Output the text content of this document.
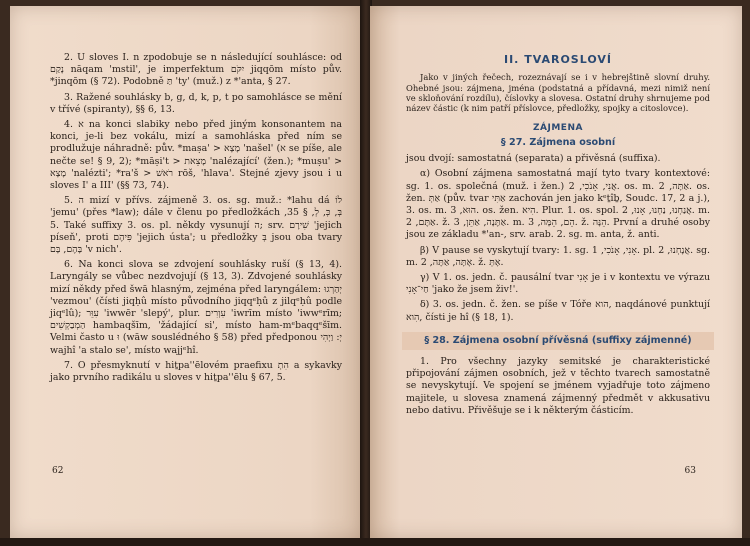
2. U sloves I. n zpodobuje se n následující souhlásce: od נָקַם nāqam 'mstil', je imperfektum יִקֹּם jiqqōm místo pův. *jinqōm (§ 72). Podobně תַּ 'ty' (muž.) z *'anta, § 27.

3. Ražené souhlásky b, g, d, k, p, t po samohlásce se mění v třívé (spiranty), §§ 6, 13.

4. א na konci slabiky nebo před jiným konsonantem na konci, je-li bez vokálu, mizí a samohláska před ním se prodlužuje náhradně: pův. *maṣa' > מָצָא 'našel' (א se píše, ale nečte se! § 9, 2); *māṣi't > מָצֵאת 'nalézající' (žen.); *muṣu' > מָצָא 'nalézti'; *ra'š > רֹאשׁ rōš, 'hlava'. Stejné zjevy jsou i u sloves I' a III' (§§ 73, 74).

5. ה mizí v přívs. zájmeně 3. os. sg. muž.: *lahu dá לוֹ 'jemu' (přes *law); dále v členu po předložkách בְּ, כְּ, לְ, § 35, 5. Také suffixy 3. os. pl. někdy vysunují ה; srv. שִׁירָם 'jejich píseň', proti פִּיהֶם 'jejich ústa'; u předložky בְּ jsou oba tvary בָּהֶם, בָּם 'v nich'.

6. Na konci slova se zdvojení souhlásky ruší (§ 13, 4). Laryngály se vůbec nezdvojují (§ 13, 3). Zdvojené souhlásky mizí někdy před šwā hlasným, zejména před laryngálem: יְהַרְגוּ 'vezmou' (čísti jiqḥû místo původního jiqqᵉḥû z jilqᵉḥû podle jiqᵉlû); עִוֵּר 'iwwēr 'slepý', plur. עִוְרִים 'iwrīm místo 'iwwᵉrīm; הַמְבַקְשִׁים hambaqšīm, 'žádající si', místo ham-mᵉbaqqᵉšīm. Velmi často u וּ (wāw souslédného § 58) před předponou יְ: וַיְהִי wajhî 'a stalo se', místo wajjᵉhî.

7. O přesmyknutí v hiṯpa''ēlovém praefixu הִתְ a sykavky jako prvního radikálu u sloves v hiṯpa''ēlu § 67, 5.

62
II. TVAROSLOVÍ

Jako v jiných řečech, rozeznávají se i v hebrejštině slovní druhy. Ohebné jsou: zájmena, jména (podstatná a přídavná, mezi nimiž není ve skloňování rozdílu), číslovky a slovesa. Ostatní druhy shrnujeme pod název částic (k nim patří příslovce, předložky, spojky a citoslovce).

ZÁJMENA
§ 27. Zájmena osobní

jsou dvojí: samostatná (separata) a přivěsná (suffixa).

α) Osobní zájmena samostatná mají tyto tvary kontextové: sg. 1. os. společná (muž. i žen.) אֲנִי, אָנֹכִי, 2. os. m. אַתָּה, 2. os. žen. אַתְּ (pův. tvar אַתִּי zachován jen jako kᵉṯîḇ, Soudc. 17, 2 a j.), 3. os. m. הוּא, 3. os. žen. הִיא. Plur. 1. os. spol. אֲנַחְנוּ, נַחְנוּ, אָנוּ, 2. m. אַתֶּם, 2. ž. אַתֶּנָה, אַתֵּן, 3. m. הֵם, הֵמָּה, 3. ž. הֵנָּה. První a druhé osoby jsou ze základu *'an-, srv. arab. 2. sg. m. anta, ž. anti.

β) V pause se vyskytují tvary: 1. sg. אָנִי, אָנֹכִי, 1. pl. אֲנָחְנוּ, 2. sg. m. אָתָּה, אַתָּה, 2. ž. אָתְּ.

γ) V 1. os. jedn. č. pausální tvar אָנִי je i v kontextu ve výrazu חַי־אָנִי 'jako že jsem živ!'.

δ) 3. os. jedn. č. žen. se píše v Tóře הוא, naqdánové punktují הִוא, čísti je hî (§ 18, 1).

§ 28. Zájmena osobní přívěsná (suffixy zájmenné)

1. Pro všechny jazyky semitské je charakteristické připojování zájmen osobních, jež v těchto tvarech samostatně se nevyskytují. Ve spojení se jménem vyjadřuje toto zájmeno majitele, u slovesa znamená zájmenný předmět v akkusativu nebo dativu. Přivěšuje se i k některým částicím.

63
